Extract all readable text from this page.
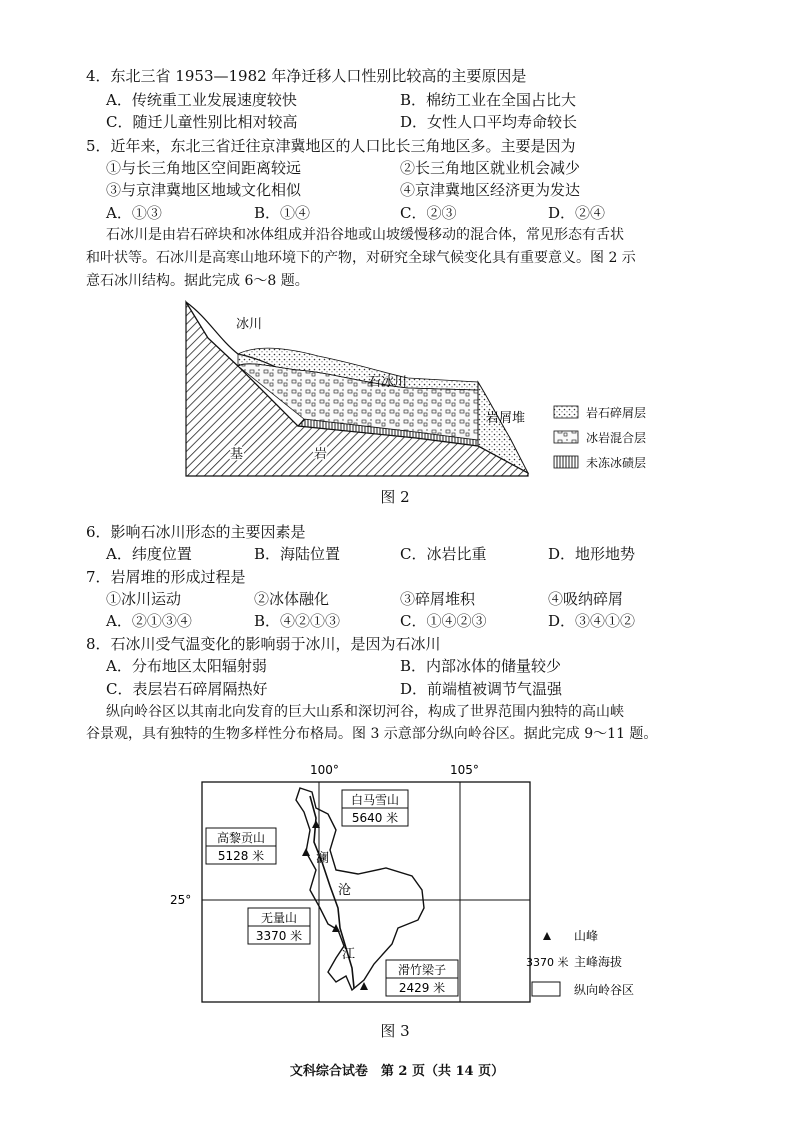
4．东北三省 1953—1982 年净迁移人口性别比较高的主要原因是
A．传统重工业发展速度较快	B．棉纺工业在全国占比大
C．随迁儿童性别比相对较高	D．女性人口平均寿命较长
5．近年来，东北三省迁往京津冀地区的人口比长三角地区多。主要是因为
①与长三角地区空间距离较远	②长三角地区就业机会减少
③与京津冀地区地域文化相似	④京津冀地区经济更为发达
A．①③	B．①④	C．②③	D．②④
石冰川是由岩石碎块和冰体组成并沿谷地或山坡缓慢移动的混合体，常见形态有舌状
和叶状等。石冰川是高寒山地环境下的产物，对研究全球气候变化具有重要意义。图 2 示
意石冰川结构。据此完成 6～8 题。
冰川
石冰川
岩屑堆
基	岩
岩石碎屑层
冰岩混合层
未冻冰碛层
图 2
6．影响石冰川形态的主要因素是
A．纬度位置	B．海陆位置	C．冰岩比重	D．地形地势
7．岩屑堆的形成过程是
①冰川运动	②冰体融化	③碎屑堆积	④吸纳碎屑
A．②①③④	B．④②①③	C．①④②③	D．③④①②
8．石冰川受气温变化的影响弱于冰川，是因为石冰川
A．分布地区太阳辐射弱	B．内部冰体的储量较少
C．表层岩石碎屑隔热好	D．前端植被调节气温强
纵向岭谷区以其南北向发育的巨大山系和深切河谷，构成了世界范围内独特的高山峡
谷景观，具有独特的生物多样性分布格局。图 3 示意部分纵向岭谷区。据此完成 9～11 题。
100°	105°
25°
澜
沧
江
白马雪山
5640 米
高黎贡山
5128 米
无量山
3370 米
滑竹梁子
2429 米
山峰
3370 米 主峰海拔
纵向岭谷区
图 3
文科综合试卷　第 2 页（共 14 页）
